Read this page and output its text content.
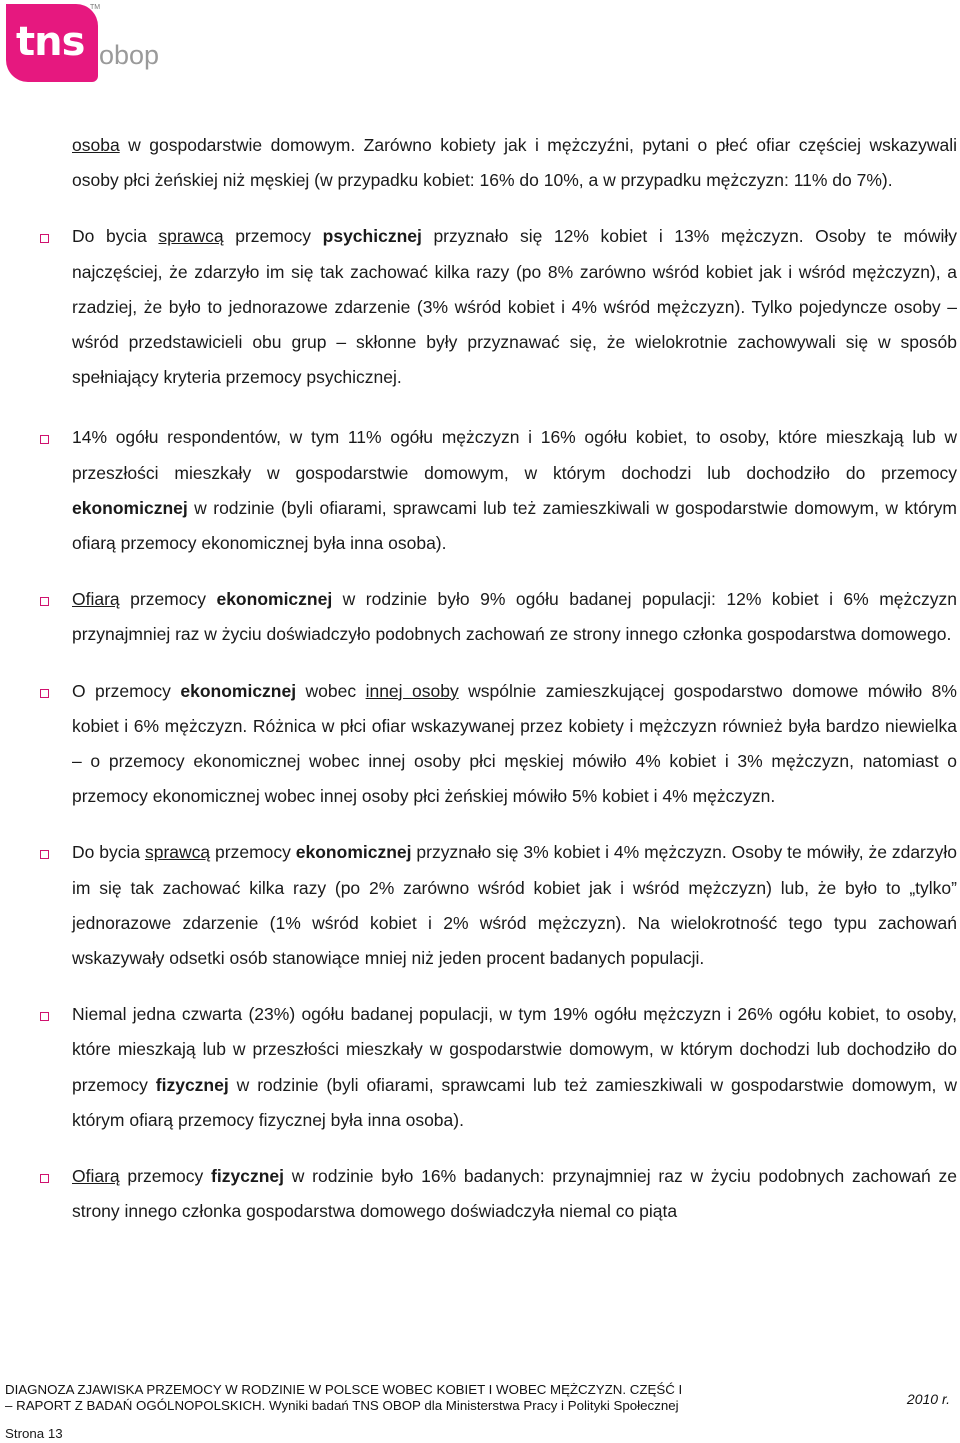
tns
TM
obop

osoba w gospodarstwie domowym. Zarówno kobiety jak i mężczyźni, pytani o płeć ofiar częściej wskazywali osoby płci żeńskiej niż męskiej (w przypadku kobiet: 16% do 10%, a w przypadku mężczyzn: 11% do 7%).

Do bycia sprawcą przemocy psychicznej przyznało się 12% kobiet i 13% mężczyzn. Osoby te mówiły najczęściej, że zdarzyło im się tak zachować kilka razy (po 8% zarówno wśród kobiet jak i wśród mężczyzn), a rzadziej, że było to jednorazowe zdarzenie (3% wśród kobiet i 4% wśród mężczyzn). Tylko pojedyncze osoby – wśród przedstawicieli obu grup – skłonne były przyznawać się, że wielokrotnie zachowywali się w sposób spełniający kryteria przemocy psychicznej.

14% ogółu respondentów, w tym 11% ogółu mężczyzn i 16% ogółu kobiet, to osoby, które mieszkają lub w przeszłości mieszkały w gospodarstwie domowym, w którym dochodzi lub dochodziło do przemocy ekonomicznej w rodzinie (byli ofiarami, sprawcami lub też zamieszkiwali w gospodarstwie domowym, w którym ofiarą przemocy ekonomicznej była inna osoba).

Ofiarą przemocy ekonomicznej w rodzinie było 9% ogółu badanej populacji: 12% kobiet i 6% mężczyzn przynajmniej raz w życiu doświadczyło podobnych zachowań ze strony innego członka gospodarstwa domowego.

O przemocy ekonomicznej wobec innej osoby wspólnie zamieszkującej gospodarstwo domowe mówiło 8% kobiet i 6% mężczyzn. Różnica w płci ofiar wskazywanej przez kobiety i mężczyzn również była bardzo niewielka – o przemocy ekonomicznej wobec innej osoby płci męskiej mówiło 4% kobiet i 3% mężczyzn, natomiast o przemocy ekonomicznej wobec innej osoby płci żeńskiej mówiło 5% kobiet i 4% mężczyzn.

Do bycia sprawcą przemocy ekonomicznej przyznało się 3% kobiet i 4% mężczyzn. Osoby te mówiły, że zdarzyło im się tak zachować kilka razy (po 2% zarówno wśród kobiet jak i wśród mężczyzn) lub, że było to „tylko” jednorazowe zdarzenie (1% wśród kobiet i 2% wśród mężczyzn). Na wielokrotność tego typu zachowań wskazywały odsetki osób stanowiące mniej niż jeden procent badanych populacji.

Niemal jedna czwarta (23%) ogółu badanej populacji, w tym 19% ogółu mężczyzn i 26% ogółu kobiet, to osoby, które mieszkają lub w przeszłości mieszkały w gospodarstwie domowym, w którym dochodzi lub dochodziło do przemocy fizycznej w rodzinie (byli ofiarami, sprawcami lub też zamieszkiwali w gospodarstwie domowym, w którym ofiarą przemocy fizycznej była inna osoba).

Ofiarą przemocy fizycznej w rodzinie było 16% badanych: przynajmniej raz w życiu podobnych zachowań ze strony innego członka gospodarstwa domowego doświadczyła niemal co piąta

DIAGNOZA ZJAWISKA PRZEMOCY W RODZINIE W POLSCE WOBEC KOBIET I WOBEC MĘŻCZYZN. CZĘŚĆ I
– RAPORT Z BADAŃ OGÓLNOPOLSKICH. Wyniki badań TNS OBOP dla Ministerstwa Pracy i Polityki Społecznej	2010 r.
Strona 13
